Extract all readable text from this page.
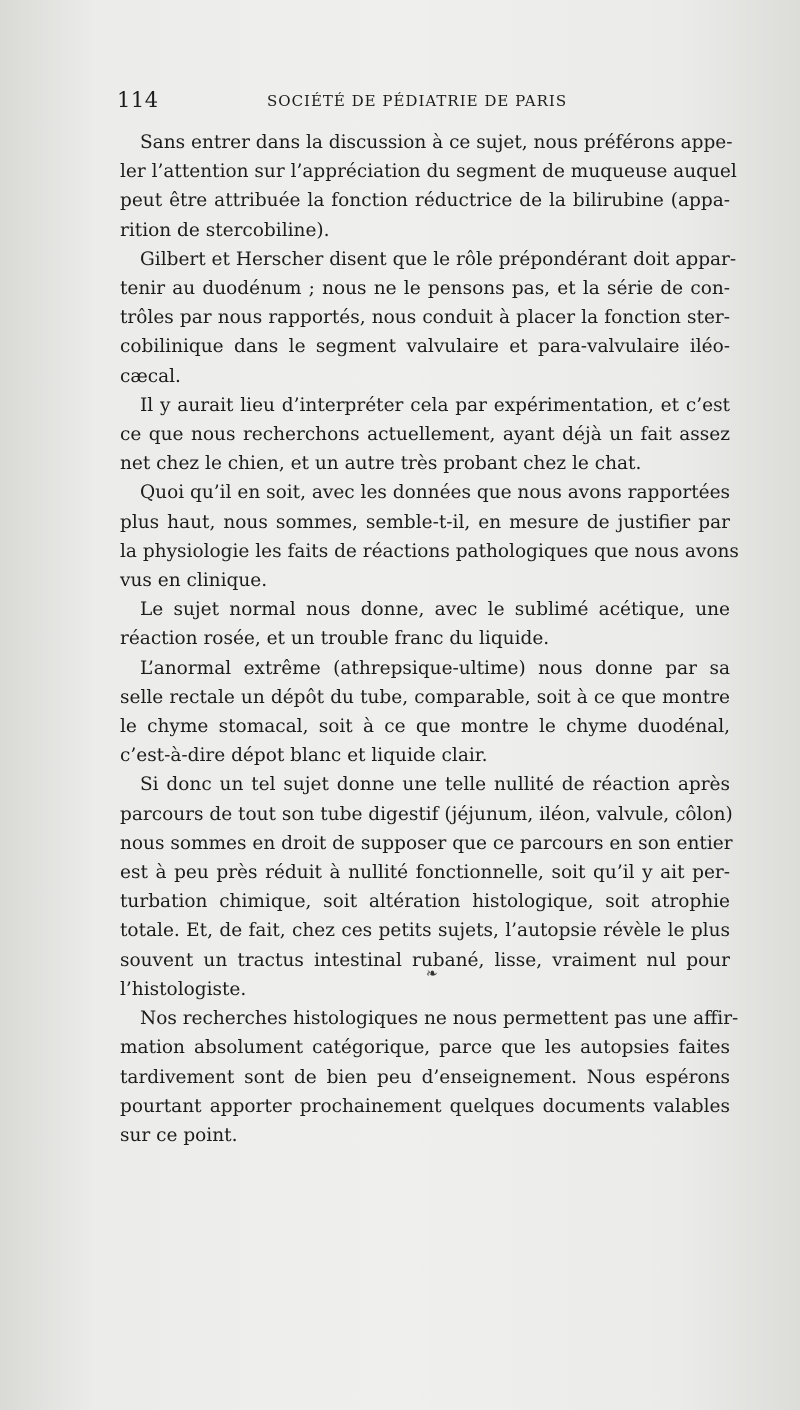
114	SOCIÉTÉ DE PÉDIATRIE DE PARIS

Sans entrer dans la discussion à ce sujet, nous préférons appe-
ler l’attention sur l’appréciation du segment de muqueuse auquel
peut être attribuée la fonction réductrice de la bilirubine (appa-
rition de stercobiline).

Gilbert et Herscher disent que le rôle prépondérant doit appar-
tenir au duodénum ; nous ne le pensons pas, et la série de con-
trôles par nous rapportés, nous conduit à placer la fonction ster-
cobilinique dans le segment valvulaire et para-valvulaire iléo-
cæcal.

Il y aurait lieu d’interpréter cela par expérimentation, et c’est
ce que nous recherchons actuellement, ayant déjà un fait assez
net chez le chien, et un autre très probant chez le chat.

Quoi qu’il en soit, avec les données que nous avons rapportées
plus haut, nous sommes, semble-t-il, en mesure de justifier par
la physiologie les faits de réactions pathologiques que nous avons
vus en clinique.

Le sujet normal nous donne, avec le sublimé acétique, une
réaction rosée, et un trouble franc du liquide.

L’anormal extrême (athrepsique-ultime) nous donne par sa
selle rectale un dépôt du tube, comparable, soit à ce que montre
le chyme stomacal, soit à ce que montre le chyme duodénal,
c’est-à-dire dépot blanc et liquide clair.

Si donc un tel sujet donne une telle nullité de réaction après
parcours de tout son tube digestif (jéjunum, iléon, valvule, côlon)
nous sommes en droit de supposer que ce parcours en son entier
est à peu près réduit à nullité fonctionnelle, soit qu’il y ait per-
turbation chimique, soit altération histologique, soit atrophie
totale. Et, de fait, chez ces petits sujets, l’autopsie révèle le plus
souvent un tractus intestinal rubané, lisse, vraiment nul pour
l’histologiste.

Nos recherches histologiques ne nous permettent pas une affir-
mation absolument catégorique, parce que les autopsies faites
tardivement sont de bien peu d’enseignement. Nous espérons
pourtant apporter prochainement quelques documents valables
sur ce point.

❧
